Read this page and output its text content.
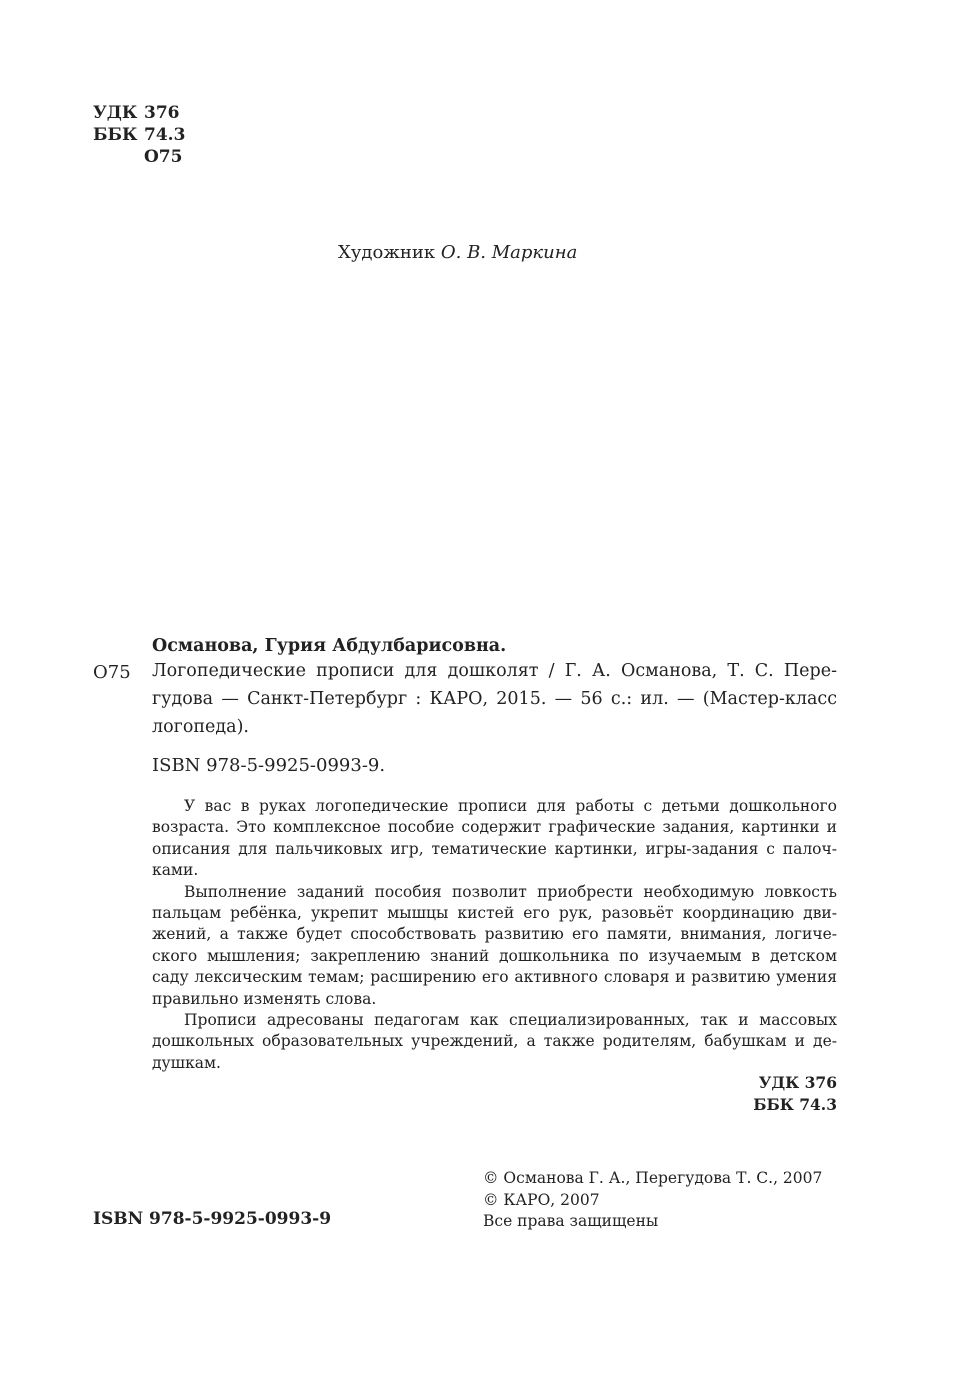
УДК 376
ББК 74.3
О75
Художник О. В. Маркина
Османова, Гурия Абдулбарисовна.
О75 Логопедические прописи для дошколят / Г. А. Османова, Т. С. Пере-
гудова — Санкт-Петербург : КАРО, 2015. — 56 с.: ил. — (Мастер-класс
логопеда).
ISBN 978-5-9925-0993-9.
У вас в руках логопедические прописи для работы с детьми дошкольного
возраста. Это комплексное пособие содержит графические задания, картинки и
описания для пальчиковых игр, тематические картинки, игры-задания с палоч-
ками.
Выполнение заданий пособия позволит приобрести необходимую ловкость
пальцам ребёнка, укрепит мышцы кистей его рук, разовьёт координацию дви-
жений, а также будет способствовать развитию его памяти, внимания, логиче-
ского мышления; закреплению знаний дошкольника по изучаемым в детском
саду лексическим темам; расширению его активного словаря и развитию умения
правильно изменять слова.
Прописи адресованы педагогам как специализированных, так и массовых
дошкольных образовательных учреждений, а также родителям, бабушкам и де-
душкам.
УДК 376
ББК 74.3
© Османова Г. А., Перегудова Т. С., 2007
© КАРО, 2007
Все права защищены
ISBN 978-5-9925-0993-9
